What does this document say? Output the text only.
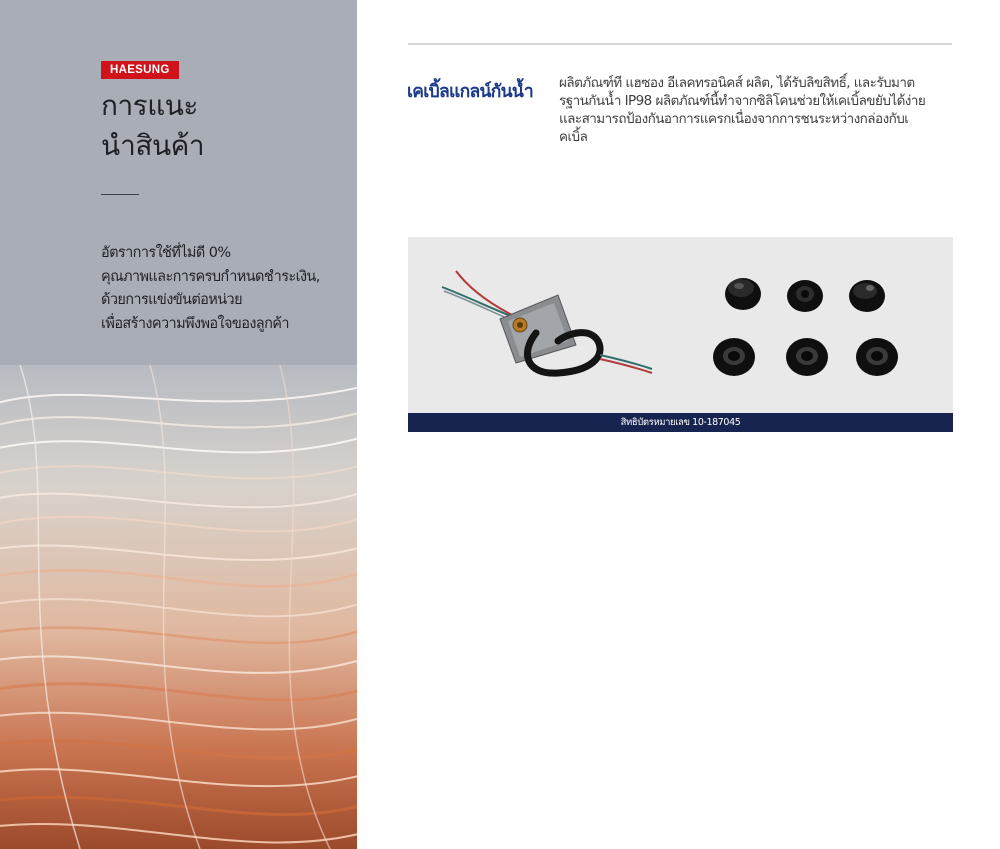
HAESUNG
การแนะ
นำสินค้า
อัตราการใช้ที่ไม่ดี 0%
คุณภาพและการครบกำหนดชำระเงิน,
ด้วยการแข่งขันต่อหน่วย
เพื่อสร้างความพึงพอใจของลูกค้า
เคเบิ้ลแกลน์กันน้ำ	ผลิตภัณฑ์ที แฮซอง อีเลคทรอนิคส์ ผลิต, ได้รับลิขสิทธิ์, และรับมาต
รฐานกันน้ำ IP98 ผลิตภัณฑ์นี้ทำจากซิลิโคนช่วยให้เคเบิ้ลขยับได้ง่าย
และสามารถป้องกันอาการแครกเนื่องจากการชนระหว่างกล่องกับเ
คเบิ้ล
สิทธิบัตรหมายเลข 10-187045
